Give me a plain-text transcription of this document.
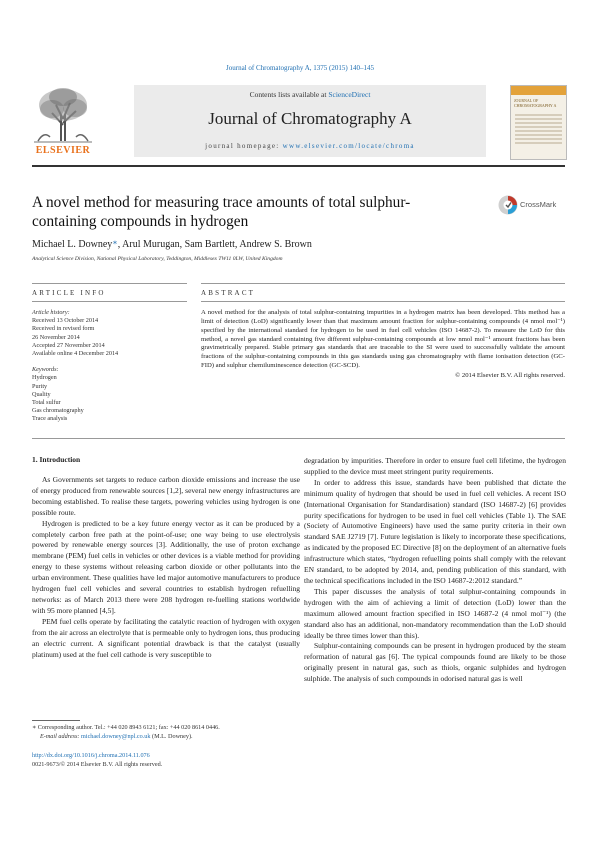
Journal of Chromatography A, 1375 (2015) 140–145
ELSEVIER
Contents lists available at ScienceDirect
Journal of Chromatography A
journal homepage: www.elsevier.com/locate/chroma
JOURNAL OF CHROMATOGRAPHY A
A novel method for measuring trace amounts of total sulphur-containing compounds in hydrogen
CrossMark
Michael L. Downey∗, Arul Murugan, Sam Bartlett, Andrew S. Brown
Analytical Science Division, National Physical Laboratory, Teddington, Middlesex TW11 0LW, United Kingdom
ARTICLE INFO	ABSTRACT
Article history:
Received 13 October 2014
Received in revised form
26 November 2014
Accepted 27 November 2014
Available online 4 December 2014
Keywords:
Hydrogen
Purity
Quality
Total sulfur
Gas chromatography
Trace analysis
A novel method for the analysis of total sulphur-containing impurities in a hydrogen matrix has been developed. This method has a limit of detection (LoD) significantly lower than that maximum amount fraction for sulphur-containing compounds (4 nmol mol⁻¹) specified by the international standard for hydrogen to be used in fuel cell vehicles (ISO 14687-2). To measure the LoD for this method, a novel gas standard containing five different sulphur-containing compounds at low nmol mol⁻¹ amount fractions has been gravimetrically prepared. Stable primary gas standards that are traceable to the SI were used to successfully validate the amount fractions of the sulphur-containing compounds in this gas standards using gas chromatography with flame ionisation detection (GC-FID) and sulphur chemiluminescence detection (GC-SCD).
© 2014 Elsevier B.V. All rights reserved.
1. Introduction

As Governments set targets to reduce carbon dioxide emissions and increase the use of energy produced from renewable sources [1,2], several new energy infrastructures are becoming established. To realise these targets, powering vehicles using hydrogen is one possible route.

Hydrogen is predicted to be a key future energy vector as it can be produced by a completely carbon free path at the point-of-use; one way being to use electrolysis powered by renewable energy sources [3]. Additionally, the use of proton exchange membrane (PEM) fuel cells in vehicles or other devices is a viable method for providing energy to these systems without releasing carbon dioxide or other pollutants into the urban environment. These qualities have led major automotive manufacturers to produce hydrogen fuel cell vehicles and several countries to establish hydrogen refuelling networks: as of March 2013 there were 208 hydrogen re-fuelling stations worldwide with 95 more planned [4,5].

PEM fuel cells operate by facilitating the catalytic reaction of hydrogen with oxygen from the air across an electrolyte that is permeable only to hydrogen ions, thus producing an electric current. A significant potential drawback is that the catalyst (usually platinum) used at the fuel cell cathode is very susceptible to

degradation by impurities. Therefore in order to ensure fuel cell lifetime, the hydrogen supplied to the device must meet stringent purity requirements.

In order to address this issue, standards have been published that dictate the minimum quality of hydrogen that should be used in fuel cell vehicles. A recent ISO (International Organisation for Standardisation) standard (ISO 14687-2) [6] provides purity specifications for hydrogen to be used in fuel cell vehicles (Table 1). The SAE (Society of Automotive Engineers) have used the same purity criteria in their own standard SAE J2719 [7]. Future legislation is likely to incorporate these specifications, as indicated by the proposed EC Directive [8] on the deployment of an alternative fuels infrastructure which states, “hydrogen refuelling points shall comply with the relevant EN standard, to be adopted by 2014, and, pending publication of this standard, with the technical specifications included in the ISO 14687-2:2012 standard.”

This paper discusses the analysis of total sulphur-containing compounds in hydrogen with the aim of achieving a limit of detection (LoD) lower than the maximum allowed amount fraction specified in ISO 14687-2 (4 nmol mol⁻¹) (the standard also has an additional, non-mandatory recommendation than the LoD should ideally be three times lower than this).

Sulphur-containing compounds can be present in hydrogen produced by the steam reformation of natural gas [6]. The typical compounds found are likely to be those originally present in natural gas, such as thiols, organic sulphides and hydrogen sulphide. The analysis of such compounds in odorised natural gas is well

∗ Corresponding author. Tel.: +44 020 8943 6121; fax: +44 020 8614 0446.
E-mail address: michael.downey@npl.co.uk (M.L. Downey).
http://dx.doi.org/10.1016/j.chroma.2014.11.076
0021-9673/© 2014 Elsevier B.V. All rights reserved.
